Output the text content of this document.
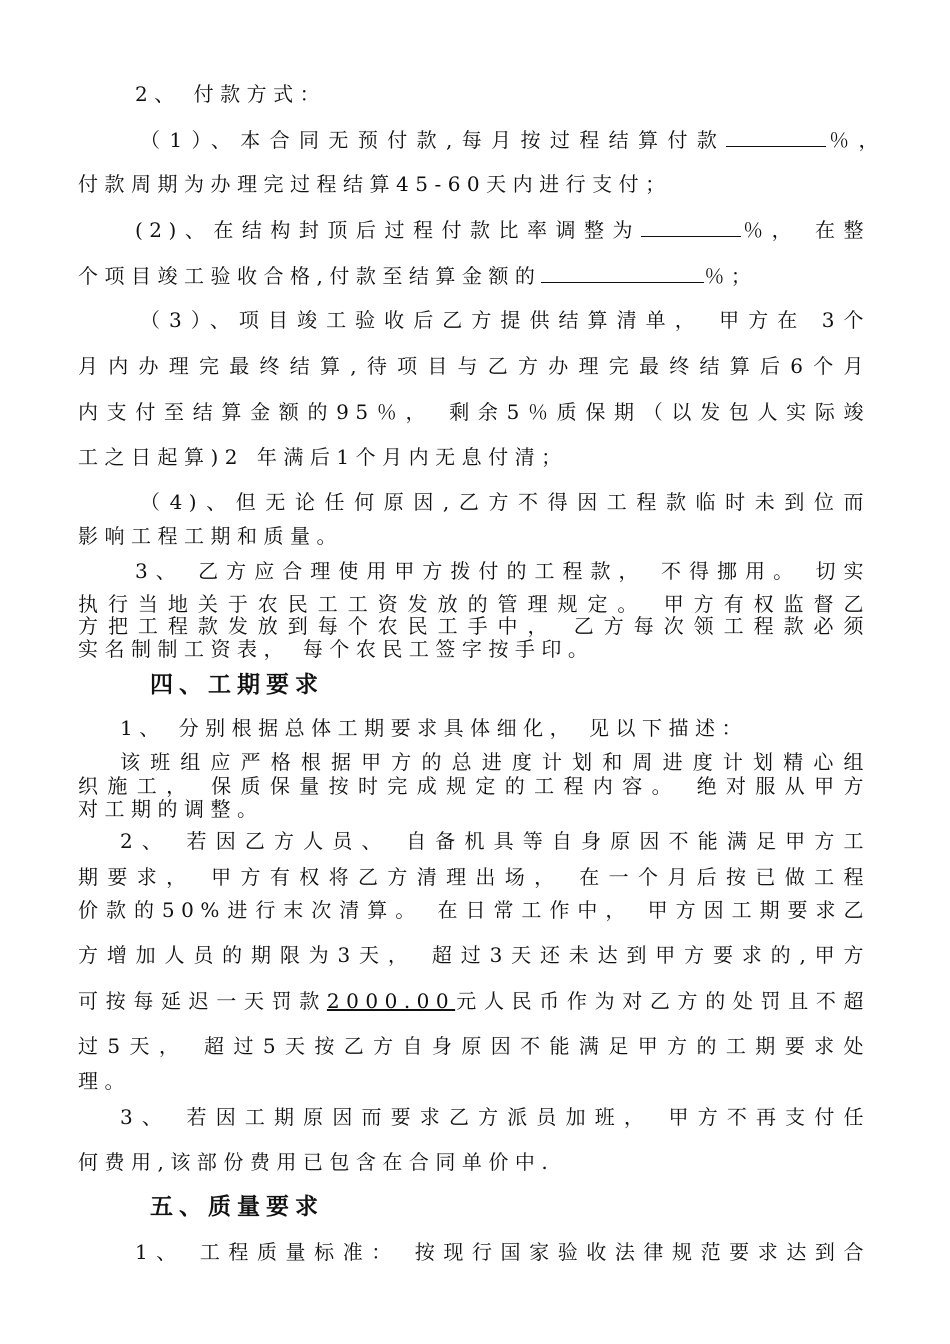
2、 付款方式：
（1）、本合同无预付款,每月按过程结算付款	％，
付款周期为办理完过程结算45-60天内进行支付；
(2)、在结构封顶后过程付款比率调整为	％， 在整
个项目竣工验收合格,付款至结算金额的	％；
（3）、项目竣工验收后乙方提供结算清单， 甲方在 3个
月内办理完最终结算,待项目与乙方办理完最终结算后6个月
内支付至结算金额的95％， 剩余5％质保期（以发包人实际竣
工之日起算)2 年满后1个月内无息付清；
（4)、但无论任何原因,乙方不得因工程款临时未到位而
影响工程工期和质量。
3、 乙方应合理使用甲方拨付的工程款， 不得挪用。 切实
执行当地关于农民工工资发放的管理规定。 甲方有权监督乙
方把工程款发放到每个农民工手中， 乙方每次领工程款必须
实名制制工资表， 每个农民工签字按手印。
四、工期要求
1、 分别根据总体工期要求具体细化， 见以下描述：
该班组应严格根据甲方的总进度计划和周进度计划精心组
织施工， 保质保量按时完成规定的工程内容。 绝对服从甲方
对工期的调整。
2、 若因乙方人员、 自备机具等自身原因不能满足甲方工
期要求， 甲方有权将乙方清理出场， 在一个月后按已做工程
价款的50%进行末次清算。 在日常工作中， 甲方因工期要求乙
方增加人员的期限为3天， 超过3天还未达到甲方要求的,甲方
可按每延迟一天罚款2000.00元人民币作为对乙方的处罚且不超
过5天， 超过5天按乙方自身原因不能满足甲方的工期要求处
理。
3、 若因工期原因而要求乙方派员加班， 甲方不再支付任
何费用,该部份费用已包含在合同单价中.
五、质量要求
1、 工程质量标准： 按现行国家验收法律规范要求达到合
